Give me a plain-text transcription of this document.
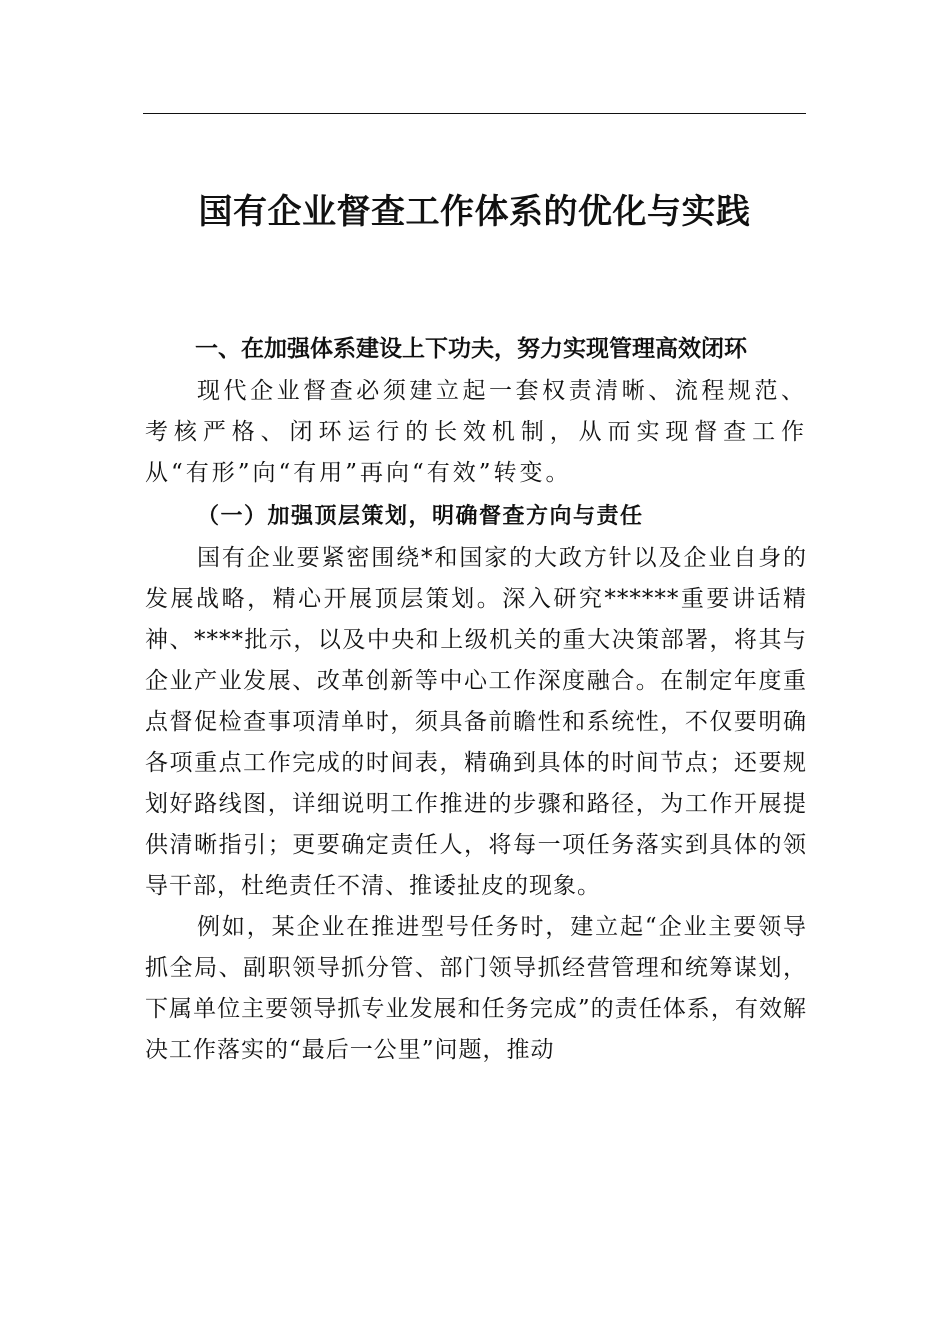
国有企业督查工作体系的优化与实践

一、在加强体系建设上下功夫，努力实现管理高效闭环

现代企业督查必须建立起一套权责清晰、流程规范、考核严格、闭环运行的长效机制，从而实现督查工作从“有形”向“有用”再向“有效”转变。

（一）加强顶层策划，明确督查方向与责任

国有企业要紧密围绕*和国家的大政方针以及企业自身的发展战略，精心开展顶层策划。深入研究******重要讲话精神、****批示，以及中央和上级机关的重大决策部署，将其与企业产业发展、改革创新等中心工作深度融合。在制定年度重点督促检查事项清单时，须具备前瞻性和系统性，不仅要明确各项重点工作完成的时间表，精确到具体的时间节点；还要规划好路线图，详细说明工作推进的步骤和路径，为工作开展提供清晰指引；更要确定责任人，将每一项任务落实到具体的领导干部，杜绝责任不清、推诿扯皮的现象。

例如，某企业在推进型号任务时，建立起“企业主要领导抓全局、副职领导抓分管、部门领导抓经营管理和统筹谋划，下属单位主要领导抓专业发展和任务完成”的责任体系，有效解决工作落实的“最后一公里”问题，推动
